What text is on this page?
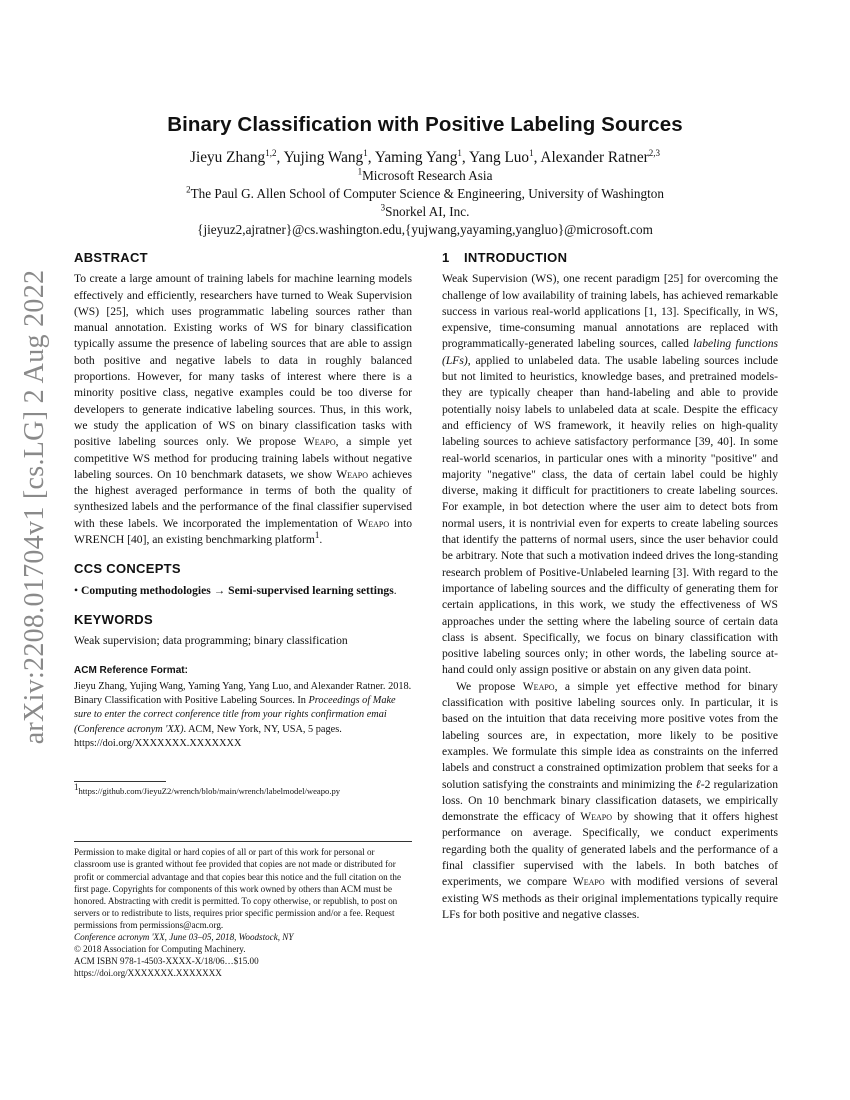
arXiv:2208.01704v1 [cs.LG] 2 Aug 2022
Binary Classification with Positive Labeling Sources
Jieyu Zhang$^{1,2}$, Yujing Wang$^1$, Yaming Yang$^1$, Yang Luo$^1$, Alexander Ratner$^{2,3}$
$^1$Microsoft Research Asia
$^2$The Paul G. Allen School of Computer Science & Engineering, University of Washington
$^3$Snorkel AI, Inc.
{jieyuz2,ajratner}@cs.washington.edu,{yujwang,yayaming,yangluo}@microsoft.com
ABSTRACT

To create a large amount of training labels for machine learning models effectively and efficiently, researchers have turned to Weak Supervision (WS) [25], which uses programmatic labeling sources rather than manual annotation. Existing works of WS for binary classification typically assume the presence of labeling sources that are able to assign both positive and negative labels to data in roughly balanced proportions. However, for many tasks of interest where there is a minority positive class, negative examples could be too diverse for developers to generate indicative labeling sources. Thus, in this work, we study the application of WS on binary classification tasks with positive labeling sources only. We propose Weapo, a simple yet competitive WS method for producing training labels without negative labeling sources. On 10 benchmark datasets, we show Weapo achieves the highest averaged performance in terms of both the quality of synthesized labels and the performance of the final classifier supervised with these labels. We incorporated the implementation of Weapo into WRENCH [40], an existing benchmarking platform$^1$.

CCS CONCEPTS

• Computing methodologies → Semi-supervised learning settings.

KEYWORDS

Weak supervision; data programming; binary classification

ACM Reference Format:
Jieyu Zhang, Yujing Wang, Yaming Yang, Yang Luo, and Alexander Ratner. 2018. Binary Classification with Positive Labeling Sources. In Proceedings of Make sure to enter the correct conference title from your rights confirmation emai (Conference acronym 'XX). ACM, New York, NY, USA, 5 pages. https://doi.org/XXXXXXX.XXXXXXX
$^1$https://github.com/JieyuZ2/wrench/blob/main/wrench/labelmodel/weapo.py
Permission to make digital or hard copies of all or part of this work for personal or classroom use is granted without fee provided that copies are not made or distributed for profit or commercial advantage and that copies bear this notice and the full citation on the first page. Copyrights for components of this work owned by others than ACM must be honored. Abstracting with credit is permitted. To copy otherwise, or republish, to post on servers or to redistribute to lists, requires prior specific permission and/or a fee. Request permissions from permissions@acm.org.
Conference acronym 'XX, June 03–05, 2018, Woodstock, NY
© 2018 Association for Computing Machinery.
ACM ISBN 978-1-4503-XXXX-X/18/06…$15.00
https://doi.org/XXXXXXX.XXXXXXX
1 INTRODUCTION

Weak Supervision (WS), one recent paradigm [25] for overcoming the challenge of low availability of training labels, has achieved remarkable success in various real-world applications [1, 13]. Specifically, in WS, expensive, time-consuming manual annotations are replaced with programmatically-generated labeling sources, called labeling functions (LFs), applied to unlabeled data. The usable labeling sources include but not limited to heuristics, knowledge bases, and pretrained models- they are typically cheaper than hand-labeling and able to provide potentially noisy labels to unlabeled data at scale. Despite the efficacy and efficiency of WS framework, it heavily relies on high-quality labeling sources to achieve satisfactory performance [39, 40]. In some real-world scenarios, in particular ones with a minority "positive" and majority "negative" class, the data of certain label could be highly diverse, making it difficult for practitioners to create labeling sources. For example, in bot detection where the user aim to detect bots from normal users, it is nontrivial even for experts to create labeling sources that identify the patterns of normal users, since the user behavior could be arbitrary. Note that such a motivation indeed drives the long-standing research problem of Positive-Unlabeled learning [3]. With regard to the importance of labeling sources and the difficulty of generating them for certain applications, in this work, we study the effectiveness of WS approaches under the setting where the labeling source of certain data class is absent. Specifically, we focus on binary classification with positive labeling sources only; in other words, the labeling source at-hand could only assign positive or abstain on any given data point.

We propose Weapo, a simple yet effective method for binary classification with positive labeling sources only. In particular, it is based on the intuition that data receiving more positive votes from the labeling sources are, in expectation, more likely to be positive examples. We formulate this simple idea as constraints on the inferred labels and construct a constrained optimization problem that seeks for a solution satisfying the constraints and minimizing the ℓ-2 regularization loss. On 10 benchmark binary classification datasets, we empirically demonstrate the efficacy of Weapo by showing that it offers highest performance on average. Specifically, we conduct experiments regarding both the quality of generated labels and the performance of a final classifier supervised with the labels. In both batches of experiments, we compare Weapo with modified versions of several existing WS methods as their original implementations typically require LFs for both positive and negative classes.
